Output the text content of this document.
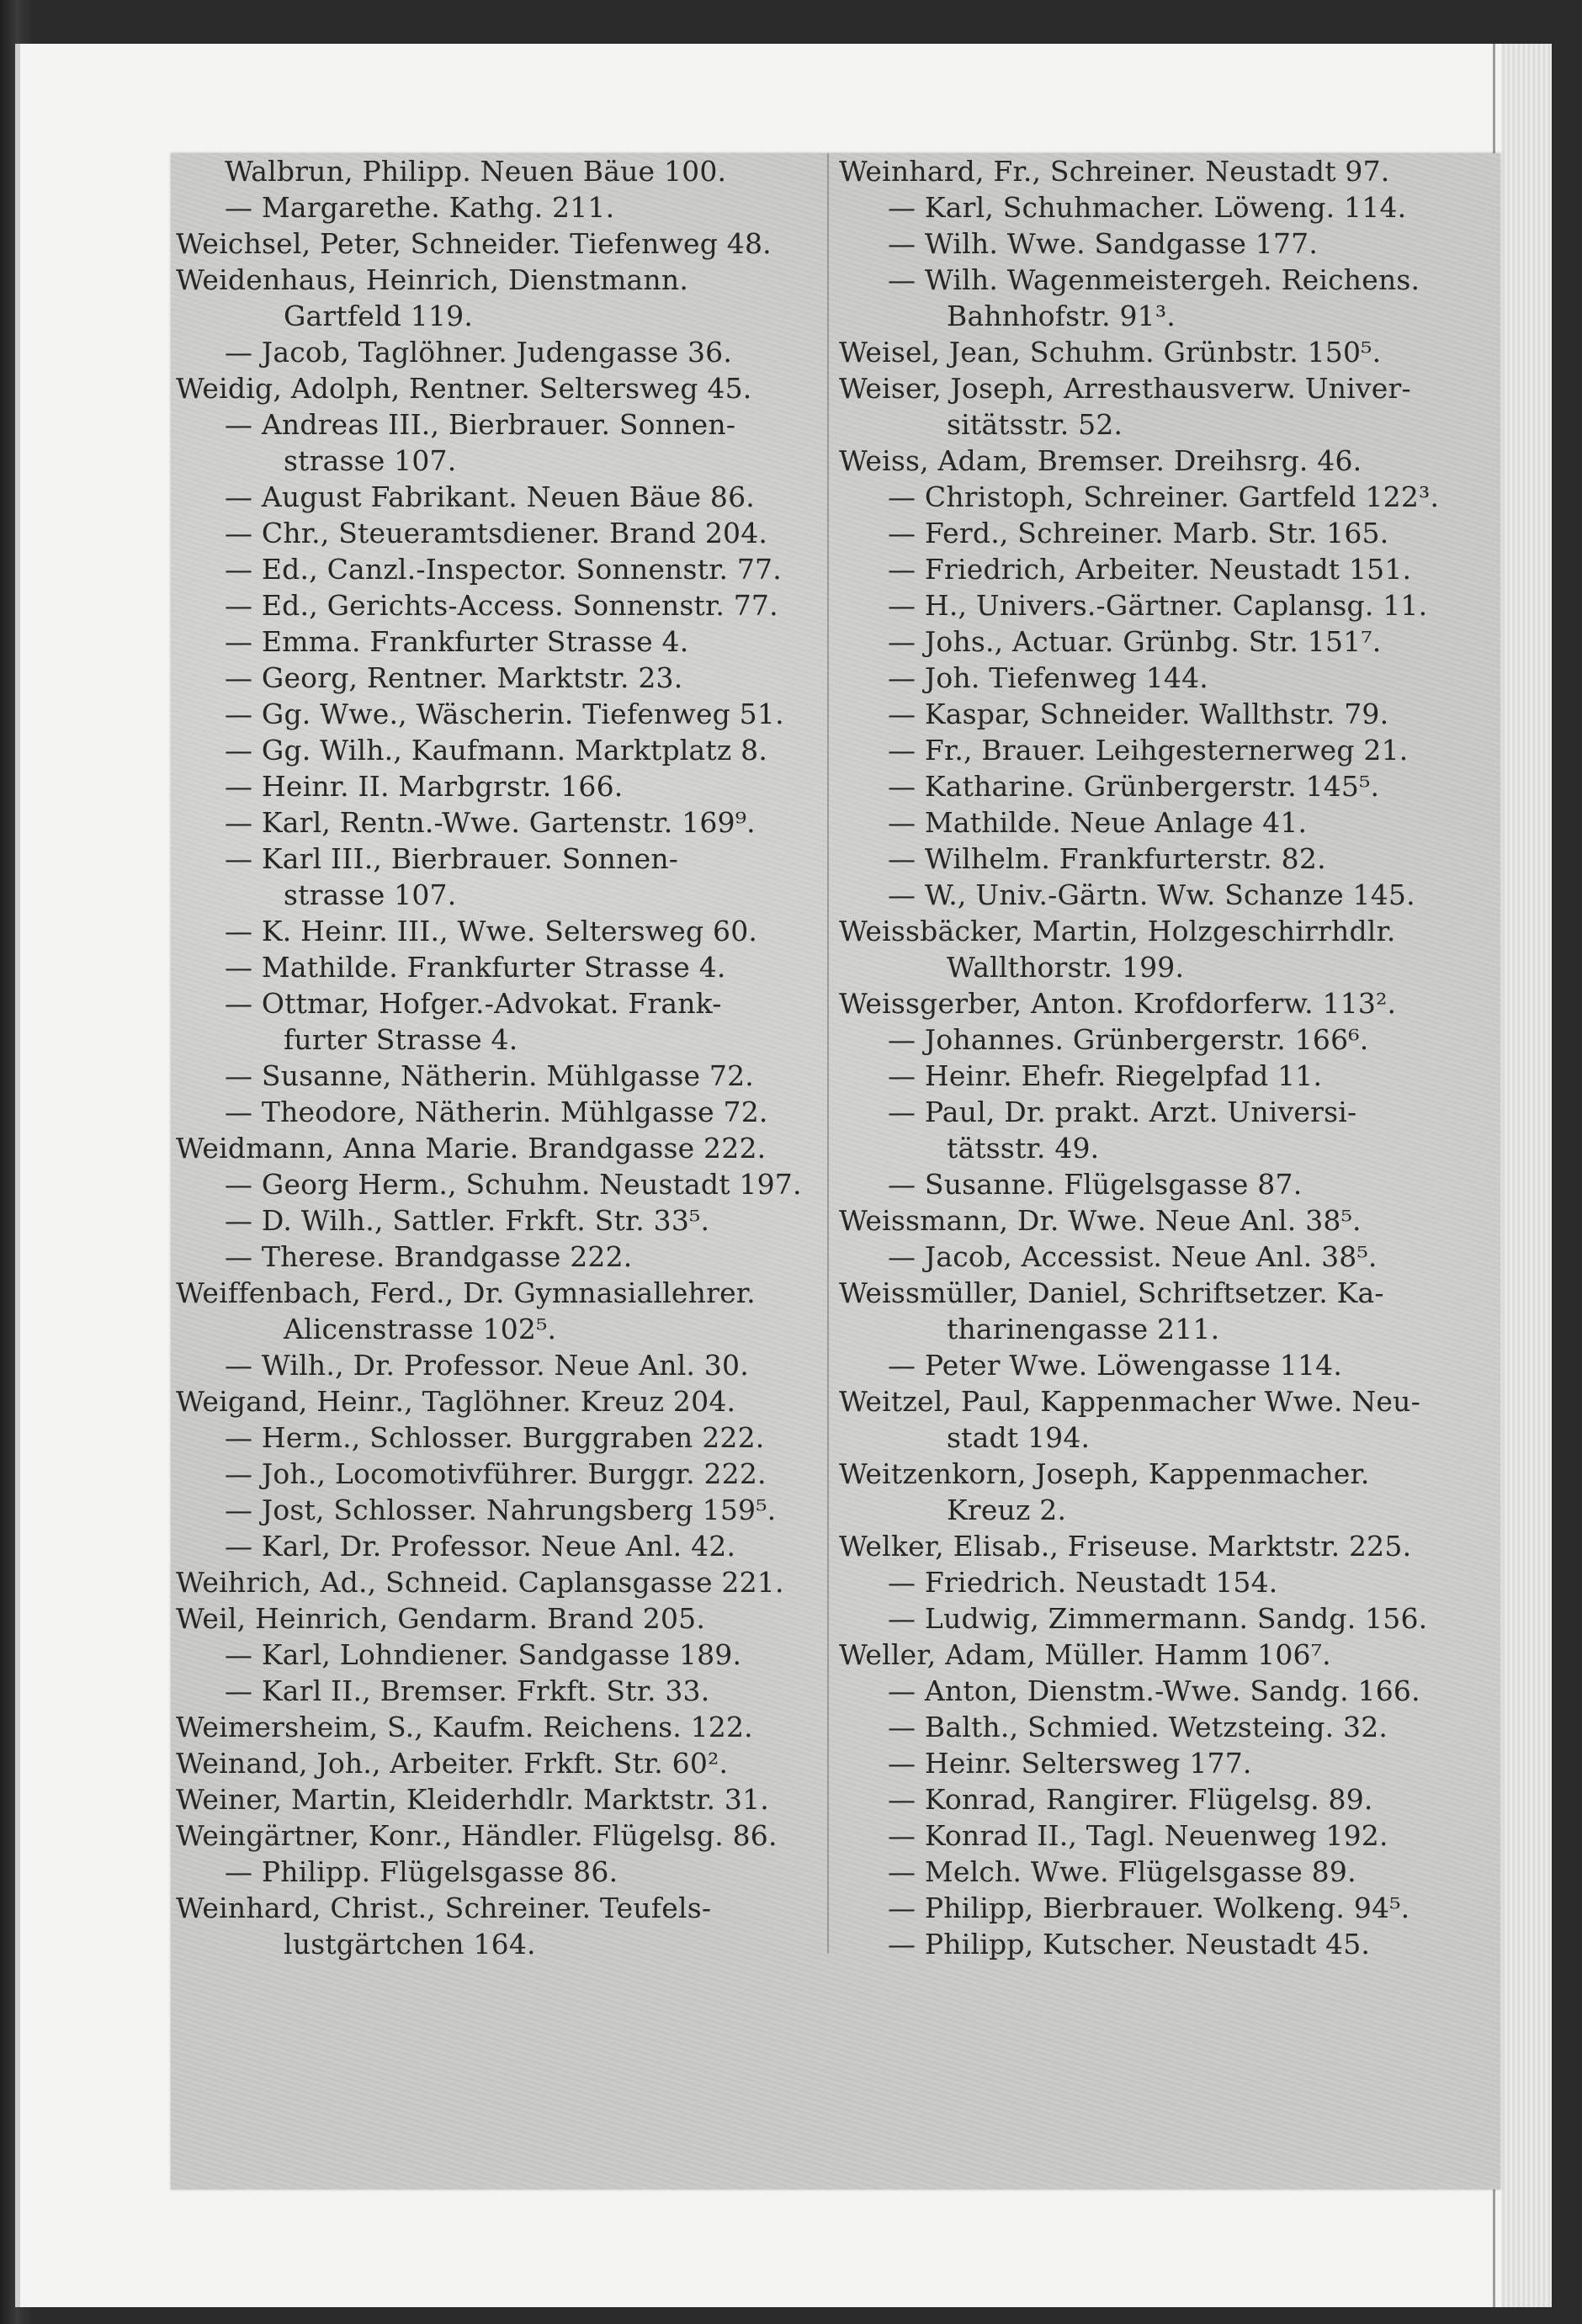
Walbrun, Philipp. Neuen Bäue 100.
— Margarethe. Kathg. 211.
Weichsel, Peter, Schneider. Tiefenweg 48.
Weidenhaus, Heinrich, Dienstmann.
Gartfeld 119.
— Jacob, Taglöhner. Judengasse 36.
Weidig, Adolph, Rentner. Seltersweg 45.
— Andreas III., Bierbrauer. Sonnen-
strasse 107.
— August Fabrikant. Neuen Bäue 86.
— Chr., Steueramtsdiener. Brand 204.
— Ed., Canzl.-Inspector. Sonnenstr. 77.
— Ed., Gerichts-Access. Sonnenstr. 77.
— Emma. Frankfurter Strasse 4.
— Georg, Rentner. Marktstr. 23.
— Gg. Wwe., Wäscherin. Tiefenweg 51.
— Gg. Wilh., Kaufmann. Marktplatz 8.
— Heinr. II. Marbgrstr. 166.
— Karl, Rentn.-Wwe. Gartenstr. 169⁹.
— Karl III., Bierbrauer. Sonnen-
strasse 107.
— K. Heinr. III., Wwe. Seltersweg 60.
— Mathilde. Frankfurter Strasse 4.
— Ottmar, Hofger.-Advokat. Frank-
furter Strasse 4.
— Susanne, Nätherin. Mühlgasse 72.
— Theodore, Nätherin. Mühlgasse 72.
Weidmann, Anna Marie. Brandgasse 222.
— Georg Herm., Schuhm. Neustadt 197.
— D. Wilh., Sattler. Frkft. Str. 33⁵.
— Therese. Brandgasse 222.
Weiffenbach, Ferd., Dr. Gymnasiallehrer.
Alicenstrasse 102⁵.
— Wilh., Dr. Professor. Neue Anl. 30.
Weigand, Heinr., Taglöhner. Kreuz 204.
— Herm., Schlosser. Burggraben 222.
— Joh., Locomotivführer. Burggr. 222.
— Jost, Schlosser. Nahrungsberg 159⁵.
— Karl, Dr. Professor. Neue Anl. 42.
Weihrich, Ad., Schneid. Caplansgasse 221.
Weil, Heinrich, Gendarm. Brand 205.
— Karl, Lohndiener. Sandgasse 189.
— Karl II., Bremser. Frkft. Str. 33.
Weimersheim, S., Kaufm. Reichens. 122.
Weinand, Joh., Arbeiter. Frkft. Str. 60².
Weiner, Martin, Kleiderhdlr. Marktstr. 31.
Weingärtner, Konr., Händler. Flügelsg. 86.
— Philipp. Flügelsgasse 86.
Weinhard, Christ., Schreiner. Teufels-
lustgärtchen 164.
Weinhard, Fr., Schreiner. Neustadt 97.
— Karl, Schuhmacher. Löweng. 114.
— Wilh. Wwe. Sandgasse 177.
— Wilh. Wagenmeistergeh. Reichens.
Bahnhofstr. 91³.
Weisel, Jean, Schuhm. Grünbstr. 150⁵.
Weiser, Joseph, Arresthausverw. Univer-
sitätsstr. 52.
Weiss, Adam, Bremser. Dreihsrg. 46.
— Christoph, Schreiner. Gartfeld 122³.
— Ferd., Schreiner. Marb. Str. 165.
— Friedrich, Arbeiter. Neustadt 151.
— H., Univers.-Gärtner. Caplansg. 11.
— Johs., Actuar. Grünbg. Str. 151⁷.
— Joh. Tiefenweg 144.
— Kaspar, Schneider. Wallthstr. 79.
— Fr., Brauer. Leihgesternerweg 21.
— Katharine. Grünbergerstr. 145⁵.
— Mathilde. Neue Anlage 41.
— Wilhelm. Frankfurterstr. 82.
— W., Univ.-Gärtn. Ww. Schanze 145.
Weissbäcker, Martin, Holzgeschirrhdlr.
Wallthorstr. 199.
Weissgerber, Anton. Krofdorferw. 113².
— Johannes. Grünbergerstr. 166⁶.
— Heinr. Ehefr. Riegelpfad 11.
— Paul, Dr. prakt. Arzt. Universi-
tätsstr. 49.
— Susanne. Flügelsgasse 87.
Weissmann, Dr. Wwe. Neue Anl. 38⁵.
— Jacob, Accessist. Neue Anl. 38⁵.
Weissmüller, Daniel, Schriftsetzer. Ka-
tharinengasse 211.
— Peter Wwe. Löwengasse 114.
Weitzel, Paul, Kappenmacher Wwe. Neu-
stadt 194.
Weitzenkorn, Joseph, Kappenmacher.
Kreuz 2.
Welker, Elisab., Friseuse. Marktstr. 225.
— Friedrich. Neustadt 154.
— Ludwig, Zimmermann. Sandg. 156.
Weller, Adam, Müller. Hamm 106⁷.
— Anton, Dienstm.-Wwe. Sandg. 166.
— Balth., Schmied. Wetzsteing. 32.
— Heinr. Seltersweg 177.
— Konrad, Rangirer. Flügelsg. 89.
— Konrad II., Tagl. Neuenweg 192.
— Melch. Wwe. Flügelsgasse 89.
— Philipp, Bierbrauer. Wolkeng. 94⁵.
— Philipp, Kutscher. Neustadt 45.
